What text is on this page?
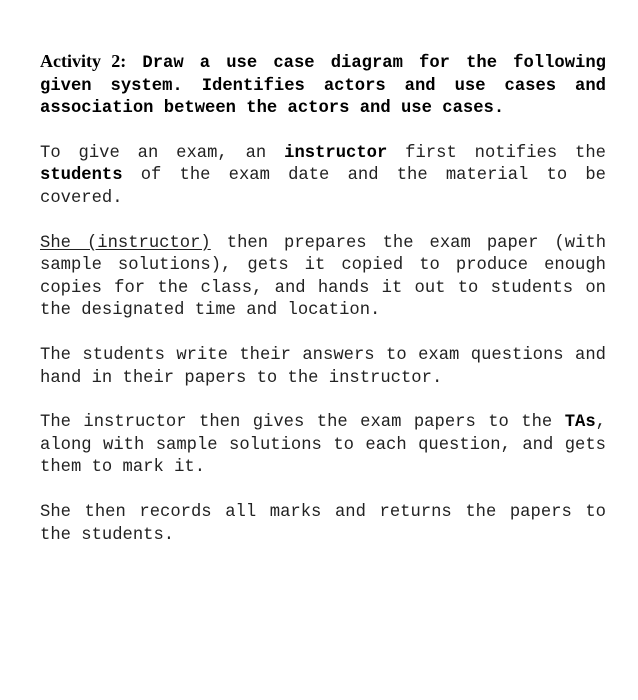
Activity 2: Draw a use case diagram for the following given system. Identifies actors and use cases and association between the actors and use cases.

To give an exam, an instructor first notifies the students of the exam date and the material to be covered.

She (instructor) then prepares the exam paper (with sample solutions), gets it copied to produce enough copies for the class, and hands it out to students on the designated time and location.

The students write their answers to exam questions and hand in their papers to the instructor.

The instructor then gives the exam papers to the TAs, along with sample solutions to each question, and gets them to mark it.

She then records all marks and returns the papers to the students.
